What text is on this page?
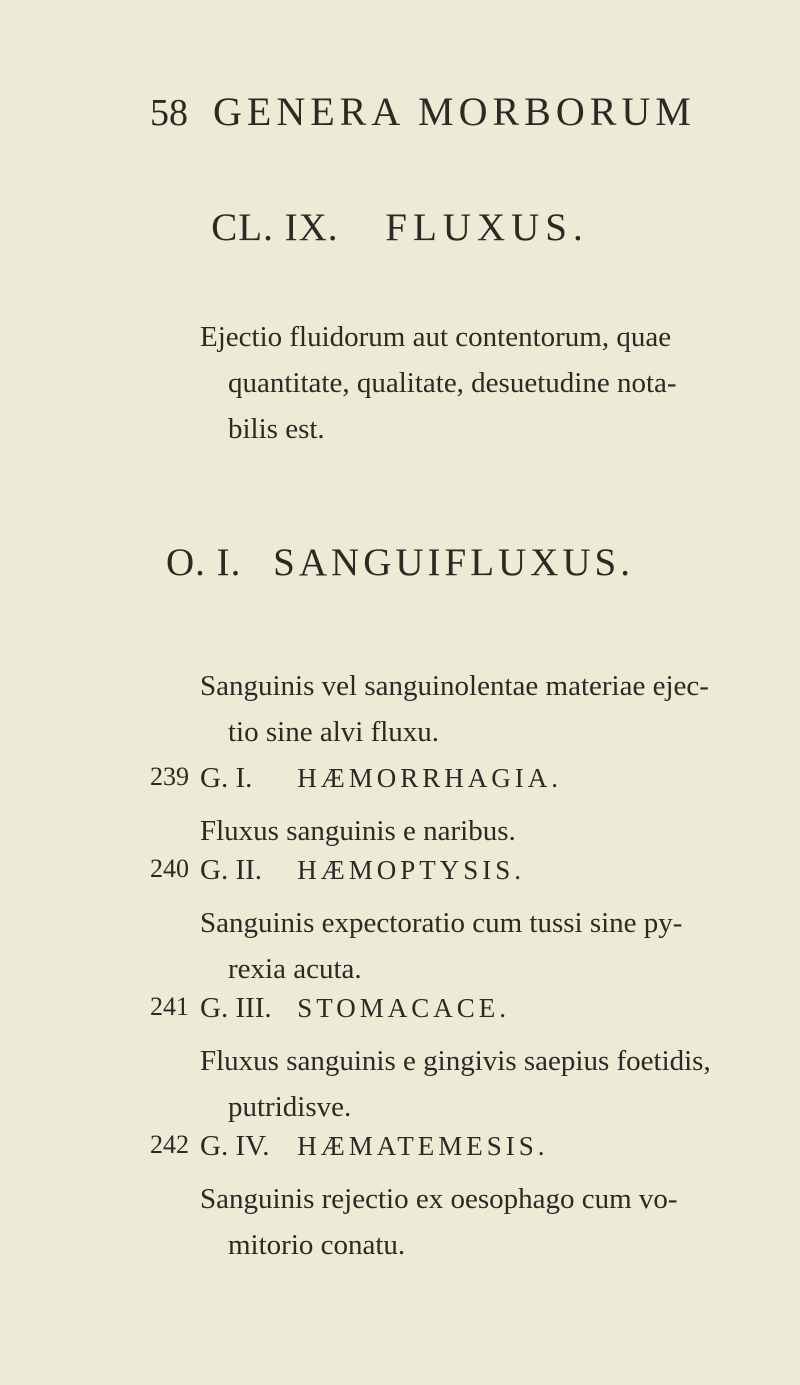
58 GENERA MORBORUM
CL. IX. FLUXUS.
Ejectio fluidorum aut contentorum, quae
quantitate, qualitate, desuetudine nota-
bilis est.
O. I. SANGUIFLUXUS.
Sanguinis vel sanguinolentae materiae ejec-
tio sine alvi fluxu.
239 G. I. HÆMORRHAGIA.
Fluxus sanguinis e naribus.
240 G. II. HÆMOPTYSIS.
Sanguinis expectoratio cum tussi sine py-
rexia acuta.
241 G. III. STOMACACE.
Fluxus sanguinis e gingivis saepius foetidis,
putridisve.
242 G. IV. HÆMATEMESIS.
Sanguinis rejectio ex oesophago cum vo-
mitorio conatu.
